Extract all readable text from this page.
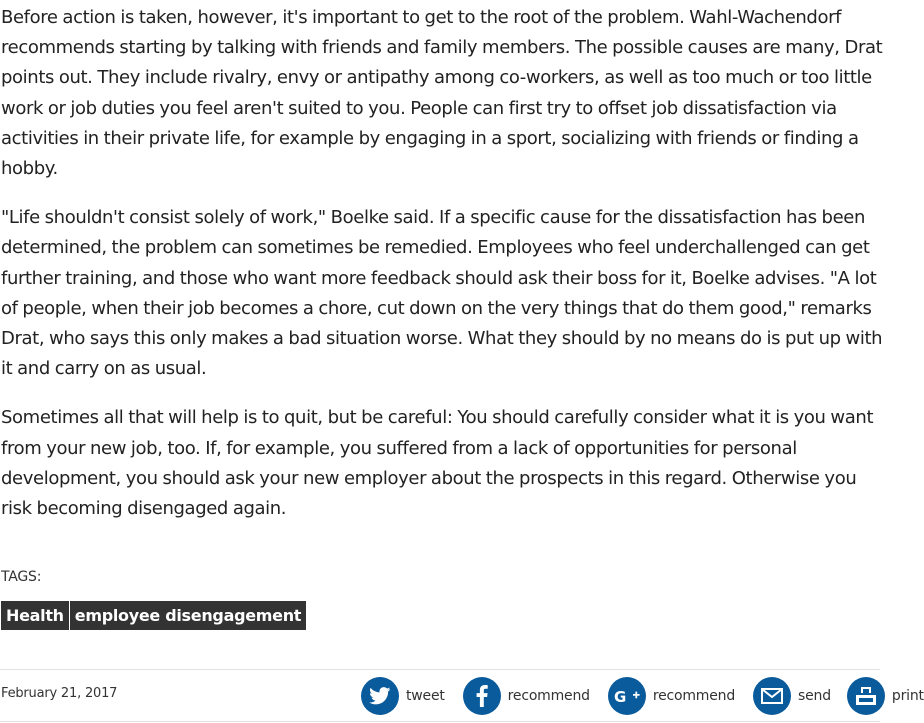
Before action is taken, however, it's important to get to the root of the problem. Wahl-Wachendorf recommends starting by talking with friends and family members. The possible causes are many, Drat points out. They include rivalry, envy or antipathy among co-workers, as well as too much or too little work or job duties you feel aren't suited to you. People can first try to offset job dissatisfaction via activities in their private life, for example by engaging in a sport, socializing with friends or finding a hobby.

"Life shouldn't consist solely of work," Boelke said. If a specific cause for the dissatisfaction has been determined, the problem can sometimes be remedied. Employees who feel underchallenged can get further training, and those who want more feedback should ask their boss for it, Boelke advises. "A lot of people, when their job becomes a chore, cut down on the very things that do them good," remarks Drat, who says this only makes a bad situation worse. What they should by no means do is put up with it and carry on as usual.

Sometimes all that will help is to quit, but be careful: You should carefully consider what it is you want from your new job, too. If, for example, you suffered from a lack of opportunities for personal development, you should ask your new employer about the prospects in this regard. Otherwise you risk becoming disengaged again.

TAGS:
Health employee disengagement
February 21, 2017	tweet	recommend G recommend	send	print
